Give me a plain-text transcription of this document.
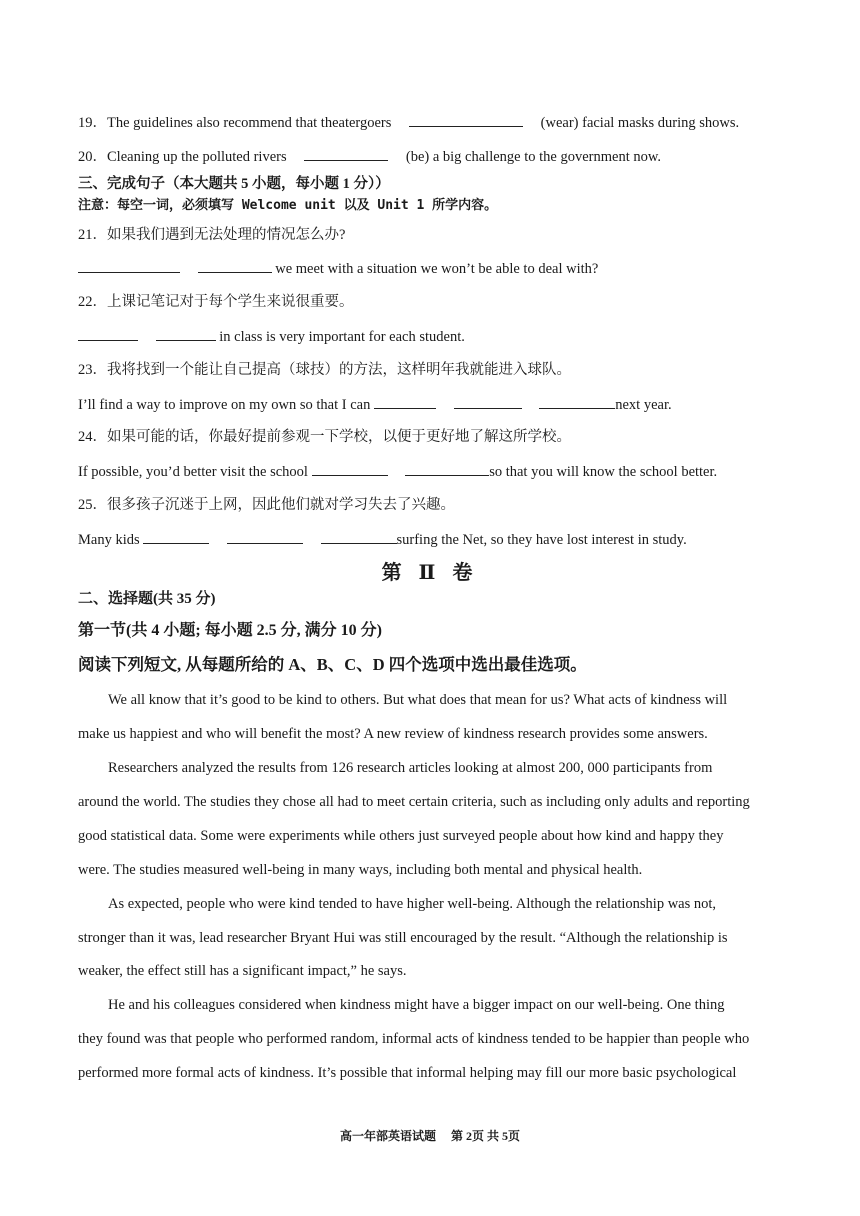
19．The guidelines also recommend that theatergoers	(wear) facial masks during shows.
20．Cleaning up the polluted rivers	(be) a big challenge to the government now.
三、完成句子（本大题共 5 小题，每小题 1 分））
注意：每空一词，必须填写 Welcome unit 以及 Unit 1 所学内容。
21．如果我们遇到无法处理的情况怎么办?
we meet with a situation we won’t be able to deal with?
22．上课记笔记对于每个学生来说很重要。
in class is very important for each student.
23．我将找到一个能让自己提高（球技）的方法，这样明年我就能进入球队。
I’ll find a way to improve on my own so that I can	next year.
24．如果可能的话，你最好提前参观一下学校，以便于更好地了解这所学校。
If possible, you’d better visit the school	so that you will know the school better.
25．很多孩子沉迷于上网，因此他们就对学习失去了兴趣。
Many kids	surfing the Net, so they have lost interest in study.
第 Ⅱ 卷
二、选择题(共 35 分)
第一节(共 4 小题; 每小题 2.5 分, 满分 10 分)
阅读下列短文, 从每题所给的 A、B、C、D 四个选项中选出最佳选项。
We all know that it’s good to be kind to others. But what does that mean for us? What acts of kindness will
make us happiest and who will benefit the most? A new review of kindness research provides some answers.
Researchers analyzed the results from 126 research articles looking at almost 200, 000 participants from
around the world. The studies they chose all had to meet certain criteria, such as including only adults and reporting
good statistical data. Some were experiments while others just surveyed people about how kind and happy they
were. The studies measured well-being in many ways, including both mental and physical health.
As expected, people who were kind tended to have higher well-being. Although the relationship was not,
stronger than it was, lead researcher Bryant Hui was still encouraged by the result. “Although the relationship is
weaker, the effect still has a significant impact,” he says.
He and his colleagues considered when kindness might have a bigger impact on our well-being. One thing
they found was that people who performed random, informal acts of kindness tended to be happier than people who
performed more formal acts of kindness. It’s possible that informal helping may fill our more basic psychological
高一年部英语试题　 第 2页 共 5页
